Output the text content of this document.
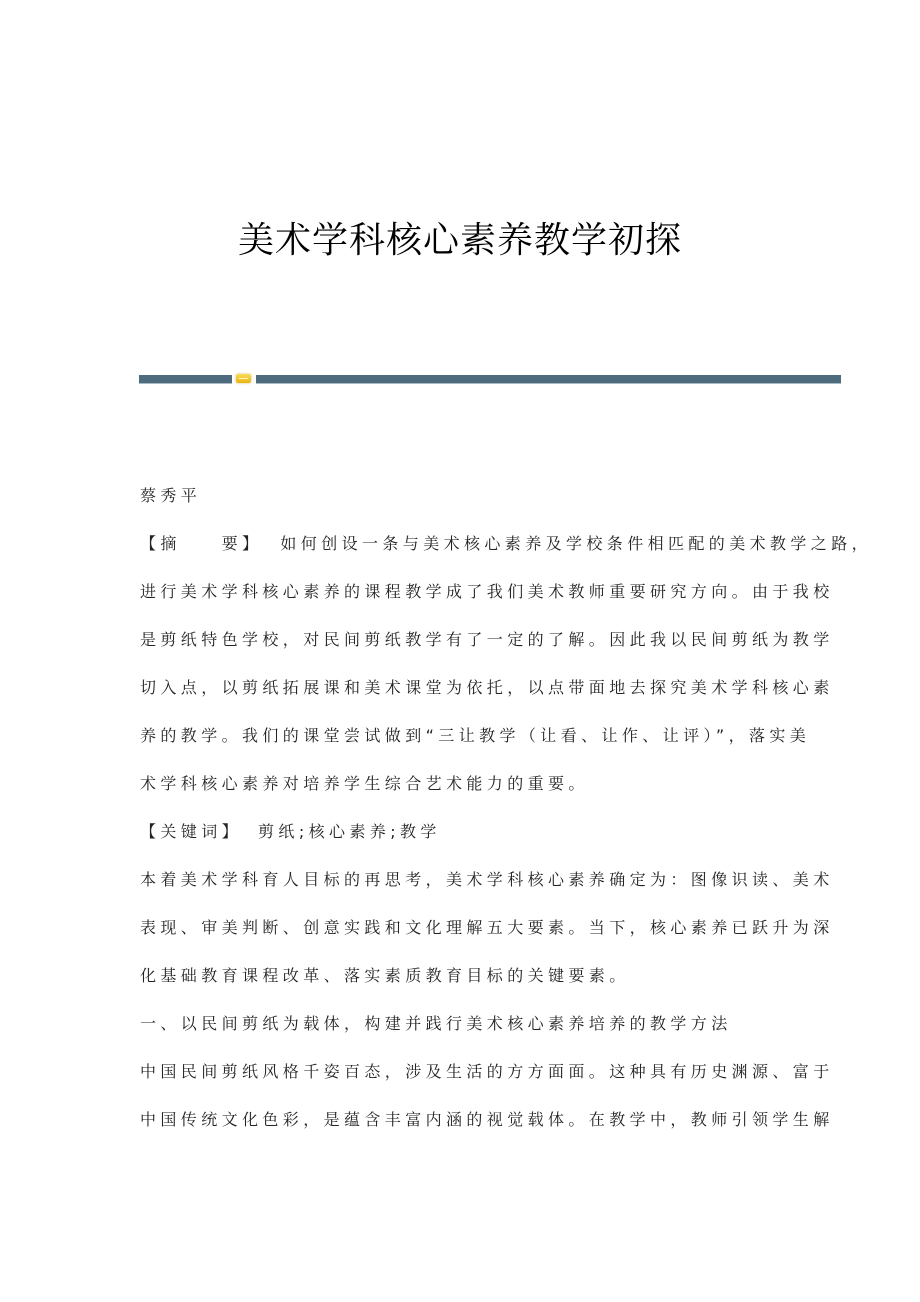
美术学科核心素养教学初探

蔡秀平

【摘　　要】 如何创设一条与美术核心素养及学校条件相匹配的美术教学之路，

进行美术学科核心素养的课程教学成了我们美术教师重要研究方向。由于我校

是剪纸特色学校，对民间剪纸教学有了一定的了解。因此我以民间剪纸为教学

切入点，以剪纸拓展课和美术课堂为依托，以点带面地去探究美术学科核心素

养的教学。我们的课堂尝试做到“三让教学（让看、让作、让评）”，落实美

术学科核心素养对培养学生综合艺术能力的重要。

【关键词】 剪纸;核心素养;教学

本着美术学科育人目标的再思考，美术学科核心素养确定为：图像识读、美术

表现、审美判断、创意实践和文化理解五大要素。当下，核心素养已跃升为深

化基础教育课程改革、落实素质教育目标的关键要素。

一、以民间剪纸为载体，构建并践行美术核心素养培养的教学方法

中国民间剪纸风格千姿百态，涉及生活的方方面面。这种具有历史渊源、富于

中国传统文化色彩，是蕴含丰富内涵的视觉载体。在教学中，教师引领学生解
